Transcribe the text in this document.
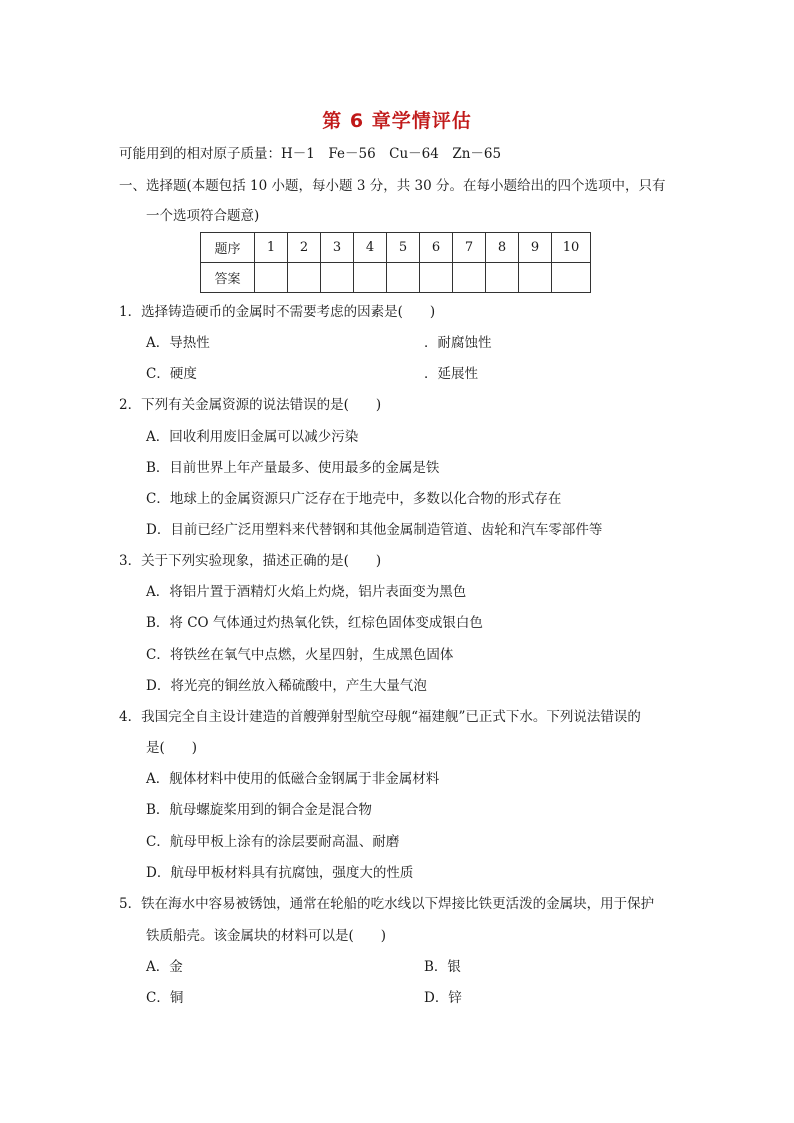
第 6 章学情评估
可能用到的相对原子质量：H－1　Fe－56　Cu－64　Zn－65
一、选择题(本题包括 10 小题，每小题 3 分，共 30 分。在每小题给出的四个选项中，只有
一个选项符合题意)
题序	1	2	3	4	5	6	7	8	9	10
答案										
1．选择铸造硬币的金属时不需要考虑的因素是(　　)
A．导热性	．耐腐蚀性
C．硬度	．延展性
2．下列有关金属资源的说法错误的是(　　)
A．回收利用废旧金属可以减少污染
B．目前世界上年产量最多、使用最多的金属是铁
C．地球上的金属资源只广泛存在于地壳中，多数以化合物的形式存在
D．目前已经广泛用塑料来代替钢和其他金属制造管道、齿轮和汽车零部件等
3．关于下列实验现象，描述正确的是(　　)
A．将铝片置于酒精灯火焰上灼烧，铝片表面变为黑色
B．将 CO 气体通过灼热氧化铁，红棕色固体变成银白色
C．将铁丝在氧气中点燃，火星四射，生成黑色固体
D．将光亮的铜丝放入稀硫酸中，产生大量气泡
4．我国完全自主设计建造的首艘弹射型航空母舰“福建舰”已正式下水。下列说法错误的
是(　　)
A．舰体材料中使用的低磁合金钢属于非金属材料
B．航母螺旋桨用到的铜合金是混合物
C．航母甲板上涂有的涂层要耐高温、耐磨
D．航母甲板材料具有抗腐蚀，强度大的性质
5．铁在海水中容易被锈蚀，通常在轮船的吃水线以下焊接比铁更活泼的金属块，用于保护
铁质船壳。该金属块的材料可以是(　　)
A．金	B．银
C．铜	D．锌
